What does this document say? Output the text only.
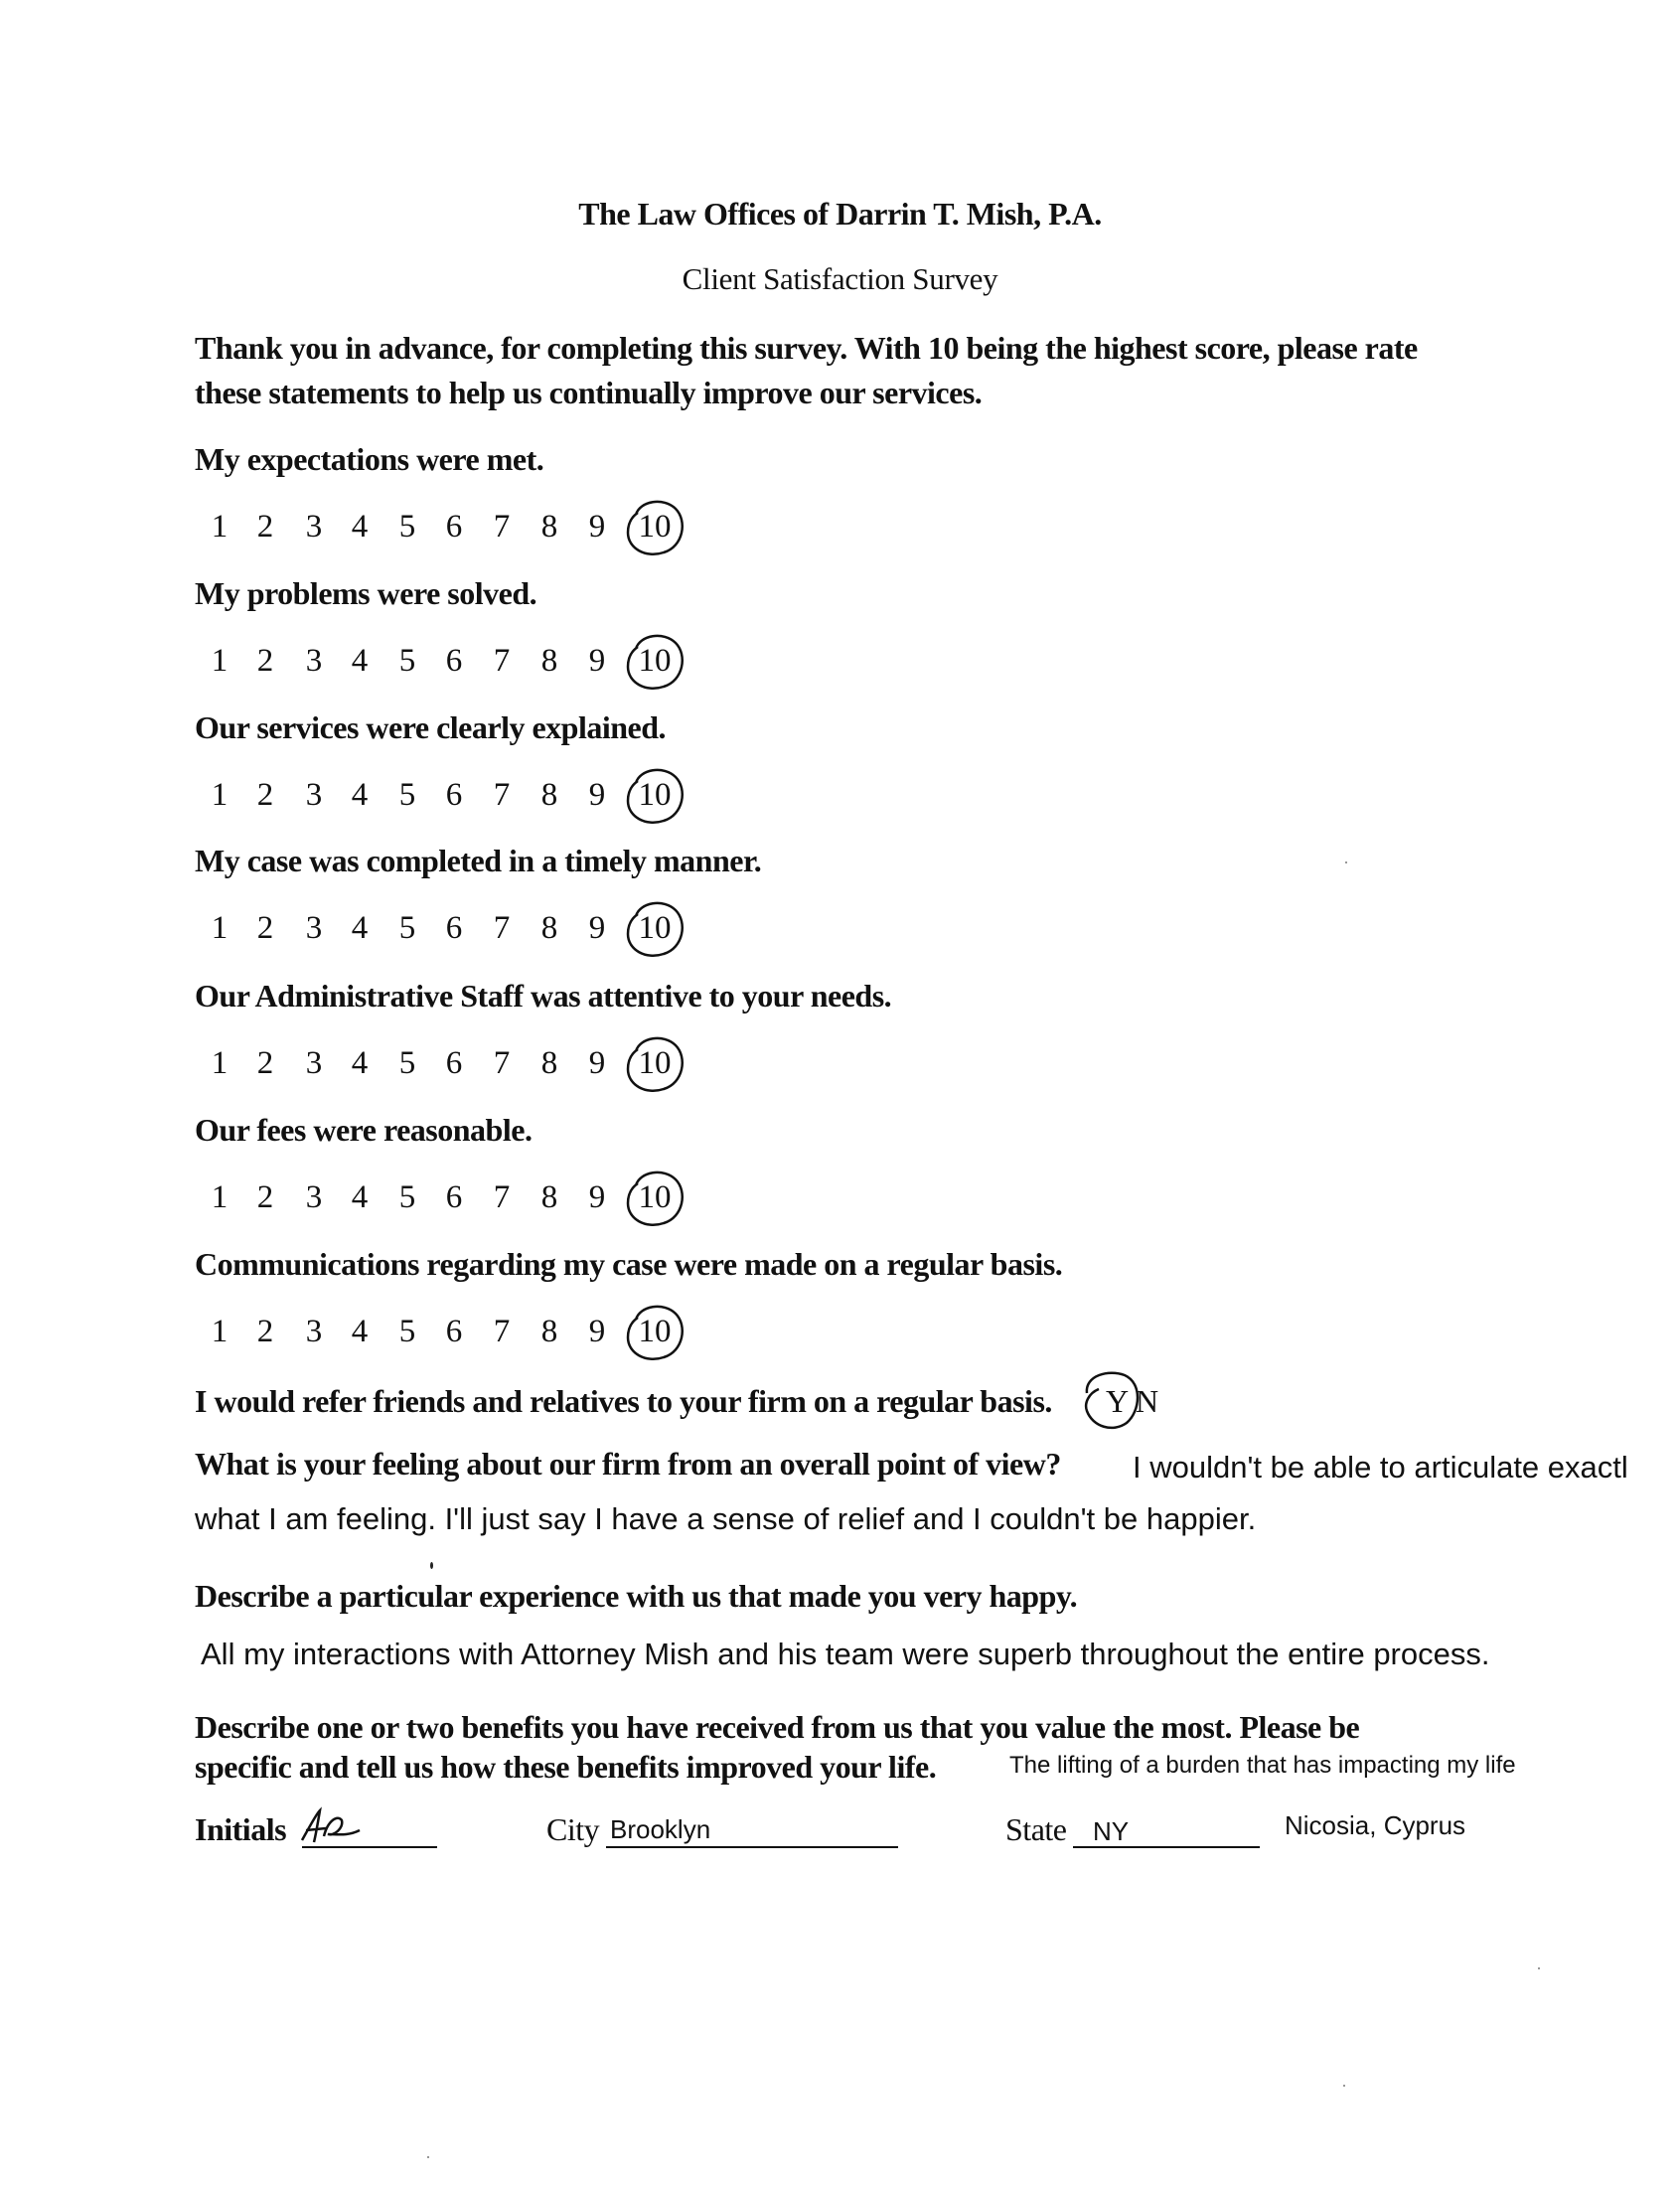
The Law Offices of Darrin T. Mish, P.A.
Client Satisfaction Survey
Thank you in advance, for completing this survey. With 10 being the highest score, please rate
these statements to help us continually improve our services.
My expectations were met.
1 2 3 4 5 6 7 8 9 10
My problems were solved.
1 2 3 4 5 6 7 8 9 10
Our services were clearly explained.
1 2 3 4 5 6 7 8 9 10
My case was completed in a timely manner.
1 2 3 4 5 6 7 8 9 10
Our Administrative Staff was attentive to your needs.
1 2 3 4 5 6 7 8 9 10
Our fees were reasonable.
1 2 3 4 5 6 7 8 9 10
Communications regarding my case were made on a regular basis.
1 2 3 4 5 6 7 8 9 10
I would refer friends and relatives to your firm on a regular basis. Y N
What is your feeling about our firm from an overall point of view? I wouldn't be able to articulate exactl
what I am feeling. I'll just say I have a sense of relief and I couldn't be happier.
Describe a particular experience with us that made you very happy.
All my interactions with Attorney Mish and his team were superb throughout the entire process.
Describe one or two benefits you have received from us that you value the most. Please be
specific and tell us how these benefits improved your life.	The lifting of a burden that has impacting my life
Initials	City Brooklyn	State NY	Nicosia, Cyprus
